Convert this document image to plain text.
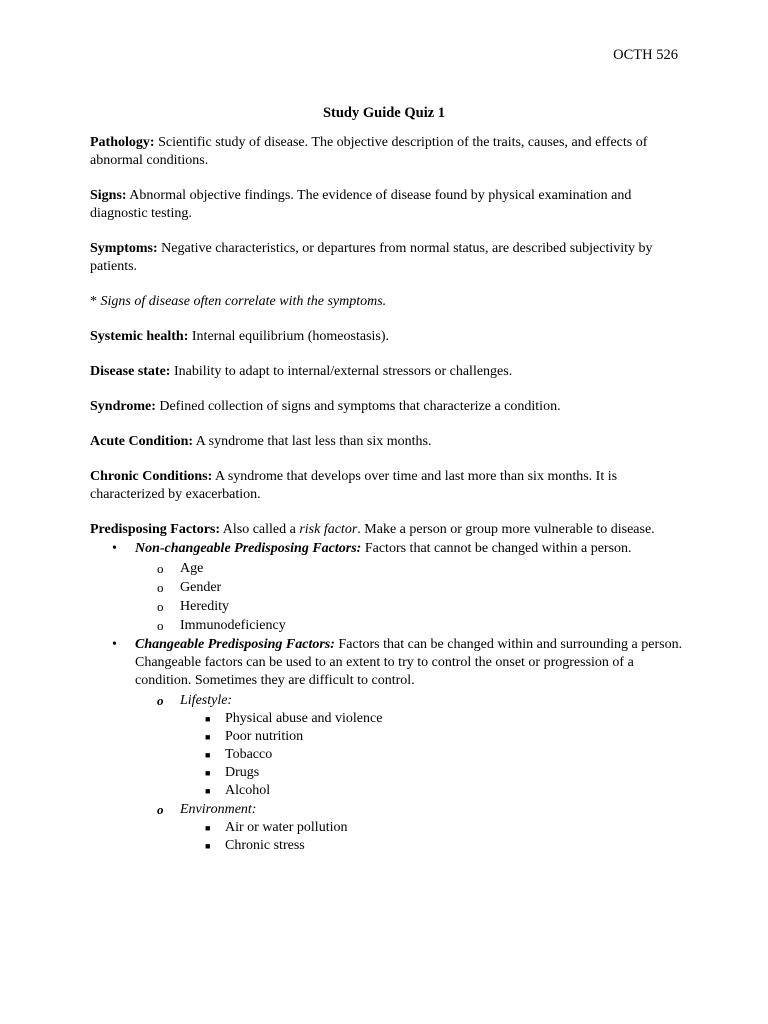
OCTH 526
Study Guide Quiz 1

Pathology: Scientific study of disease. The objective description of the traits, causes, and effects of abnormal conditions.

Signs: Abnormal objective findings. The evidence of disease found by physical examination and diagnostic testing.

Symptoms: Negative characteristics, or departures from normal status, are described subjectivity by patients.

* Signs of disease often correlate with the symptoms.

Systemic health: Internal equilibrium (homeostasis).

Disease state: Inability to adapt to internal/external stressors or challenges.

Syndrome: Defined collection of signs and symptoms that characterize a condition.

Acute Condition: A syndrome that last less than six months.

Chronic Conditions: A syndrome that develops over time and last more than six months. It is characterized by exacerbation.

Predisposing Factors: Also called a risk factor. Make a person or group more vulnerable to disease.

• Non-changeable Predisposing Factors: Factors that cannot be changed within a person.
o Age
o Gender
o Heredity
o Immunodeficiency
• Changeable Predisposing Factors: Factors that can be changed within and surrounding a person. Changeable factors can be used to an extent to try to control the onset or progression of a condition. Sometimes they are difficult to control.
o Lifestyle:
■ Physical abuse and violence
■ Poor nutrition
■ Tobacco
■ Drugs
■ Alcohol
o Environment:
■ Air or water pollution
■ Chronic stress
